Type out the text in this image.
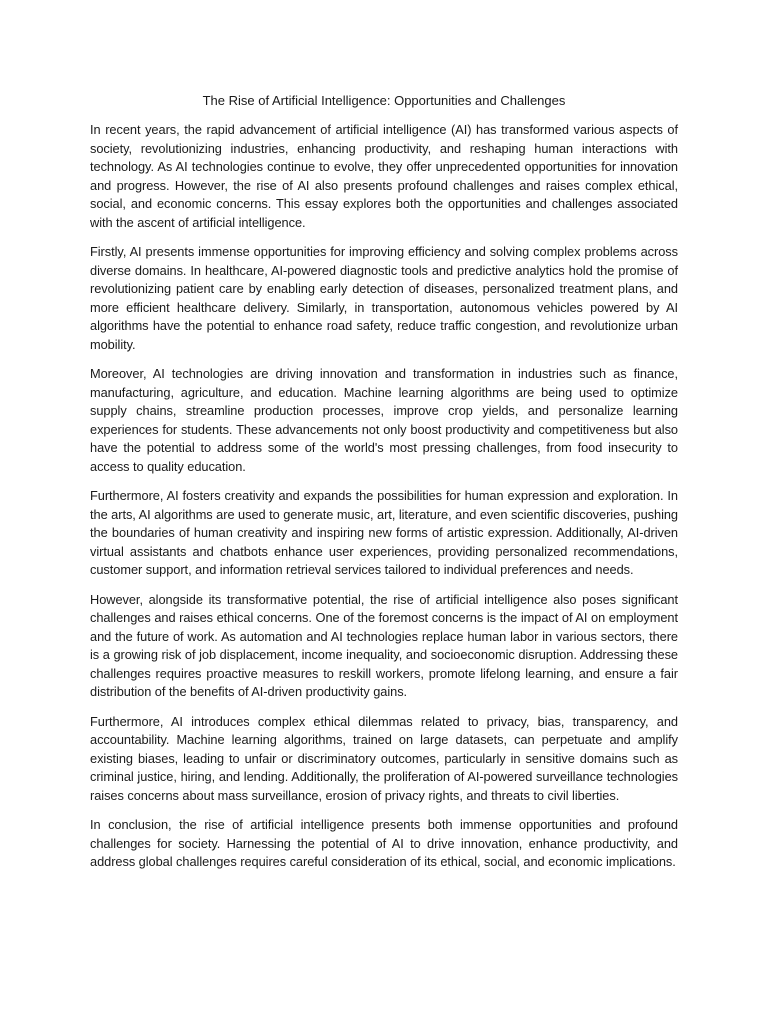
The Rise of Artificial Intelligence: Opportunities and Challenges

In recent years, the rapid advancement of artificial intelligence (AI) has transformed various aspects of society, revolutionizing industries, enhancing productivity, and reshaping human interactions with technology. As AI technologies continue to evolve, they offer unprecedented opportunities for innovation and progress. However, the rise of AI also presents profound challenges and raises complex ethical, social, and economic concerns. This essay explores both the opportunities and challenges associated with the ascent of artificial intelligence.

Firstly, AI presents immense opportunities for improving efficiency and solving complex problems across diverse domains. In healthcare, AI-powered diagnostic tools and predictive analytics hold the promise of revolutionizing patient care by enabling early detection of diseases, personalized treatment plans, and more efficient healthcare delivery. Similarly, in transportation, autonomous vehicles powered by AI algorithms have the potential to enhance road safety, reduce traffic congestion, and revolutionize urban mobility.

Moreover, AI technologies are driving innovation and transformation in industries such as finance, manufacturing, agriculture, and education. Machine learning algorithms are being used to optimize supply chains, streamline production processes, improve crop yields, and personalize learning experiences for students. These advancements not only boost productivity and competitiveness but also have the potential to address some of the world's most pressing challenges, from food insecurity to access to quality education.

Furthermore, AI fosters creativity and expands the possibilities for human expression and exploration. In the arts, AI algorithms are used to generate music, art, literature, and even scientific discoveries, pushing the boundaries of human creativity and inspiring new forms of artistic expression. Additionally, AI-driven virtual assistants and chatbots enhance user experiences, providing personalized recommendations, customer support, and information retrieval services tailored to individual preferences and needs.

However, alongside its transformative potential, the rise of artificial intelligence also poses significant challenges and raises ethical concerns. One of the foremost concerns is the impact of AI on employment and the future of work. As automation and AI technologies replace human labor in various sectors, there is a growing risk of job displacement, income inequality, and socioeconomic disruption. Addressing these challenges requires proactive measures to reskill workers, promote lifelong learning, and ensure a fair distribution of the benefits of AI-driven productivity gains.

Furthermore, AI introduces complex ethical dilemmas related to privacy, bias, transparency, and accountability. Machine learning algorithms, trained on large datasets, can perpetuate and amplify existing biases, leading to unfair or discriminatory outcomes, particularly in sensitive domains such as criminal justice, hiring, and lending. Additionally, the proliferation of AI-powered surveillance technologies raises concerns about mass surveillance, erosion of privacy rights, and threats to civil liberties.

In conclusion, the rise of artificial intelligence presents both immense opportunities and profound challenges for society. Harnessing the potential of AI to drive innovation, enhance productivity, and address global challenges requires careful consideration of its ethical, social, and economic implications.
